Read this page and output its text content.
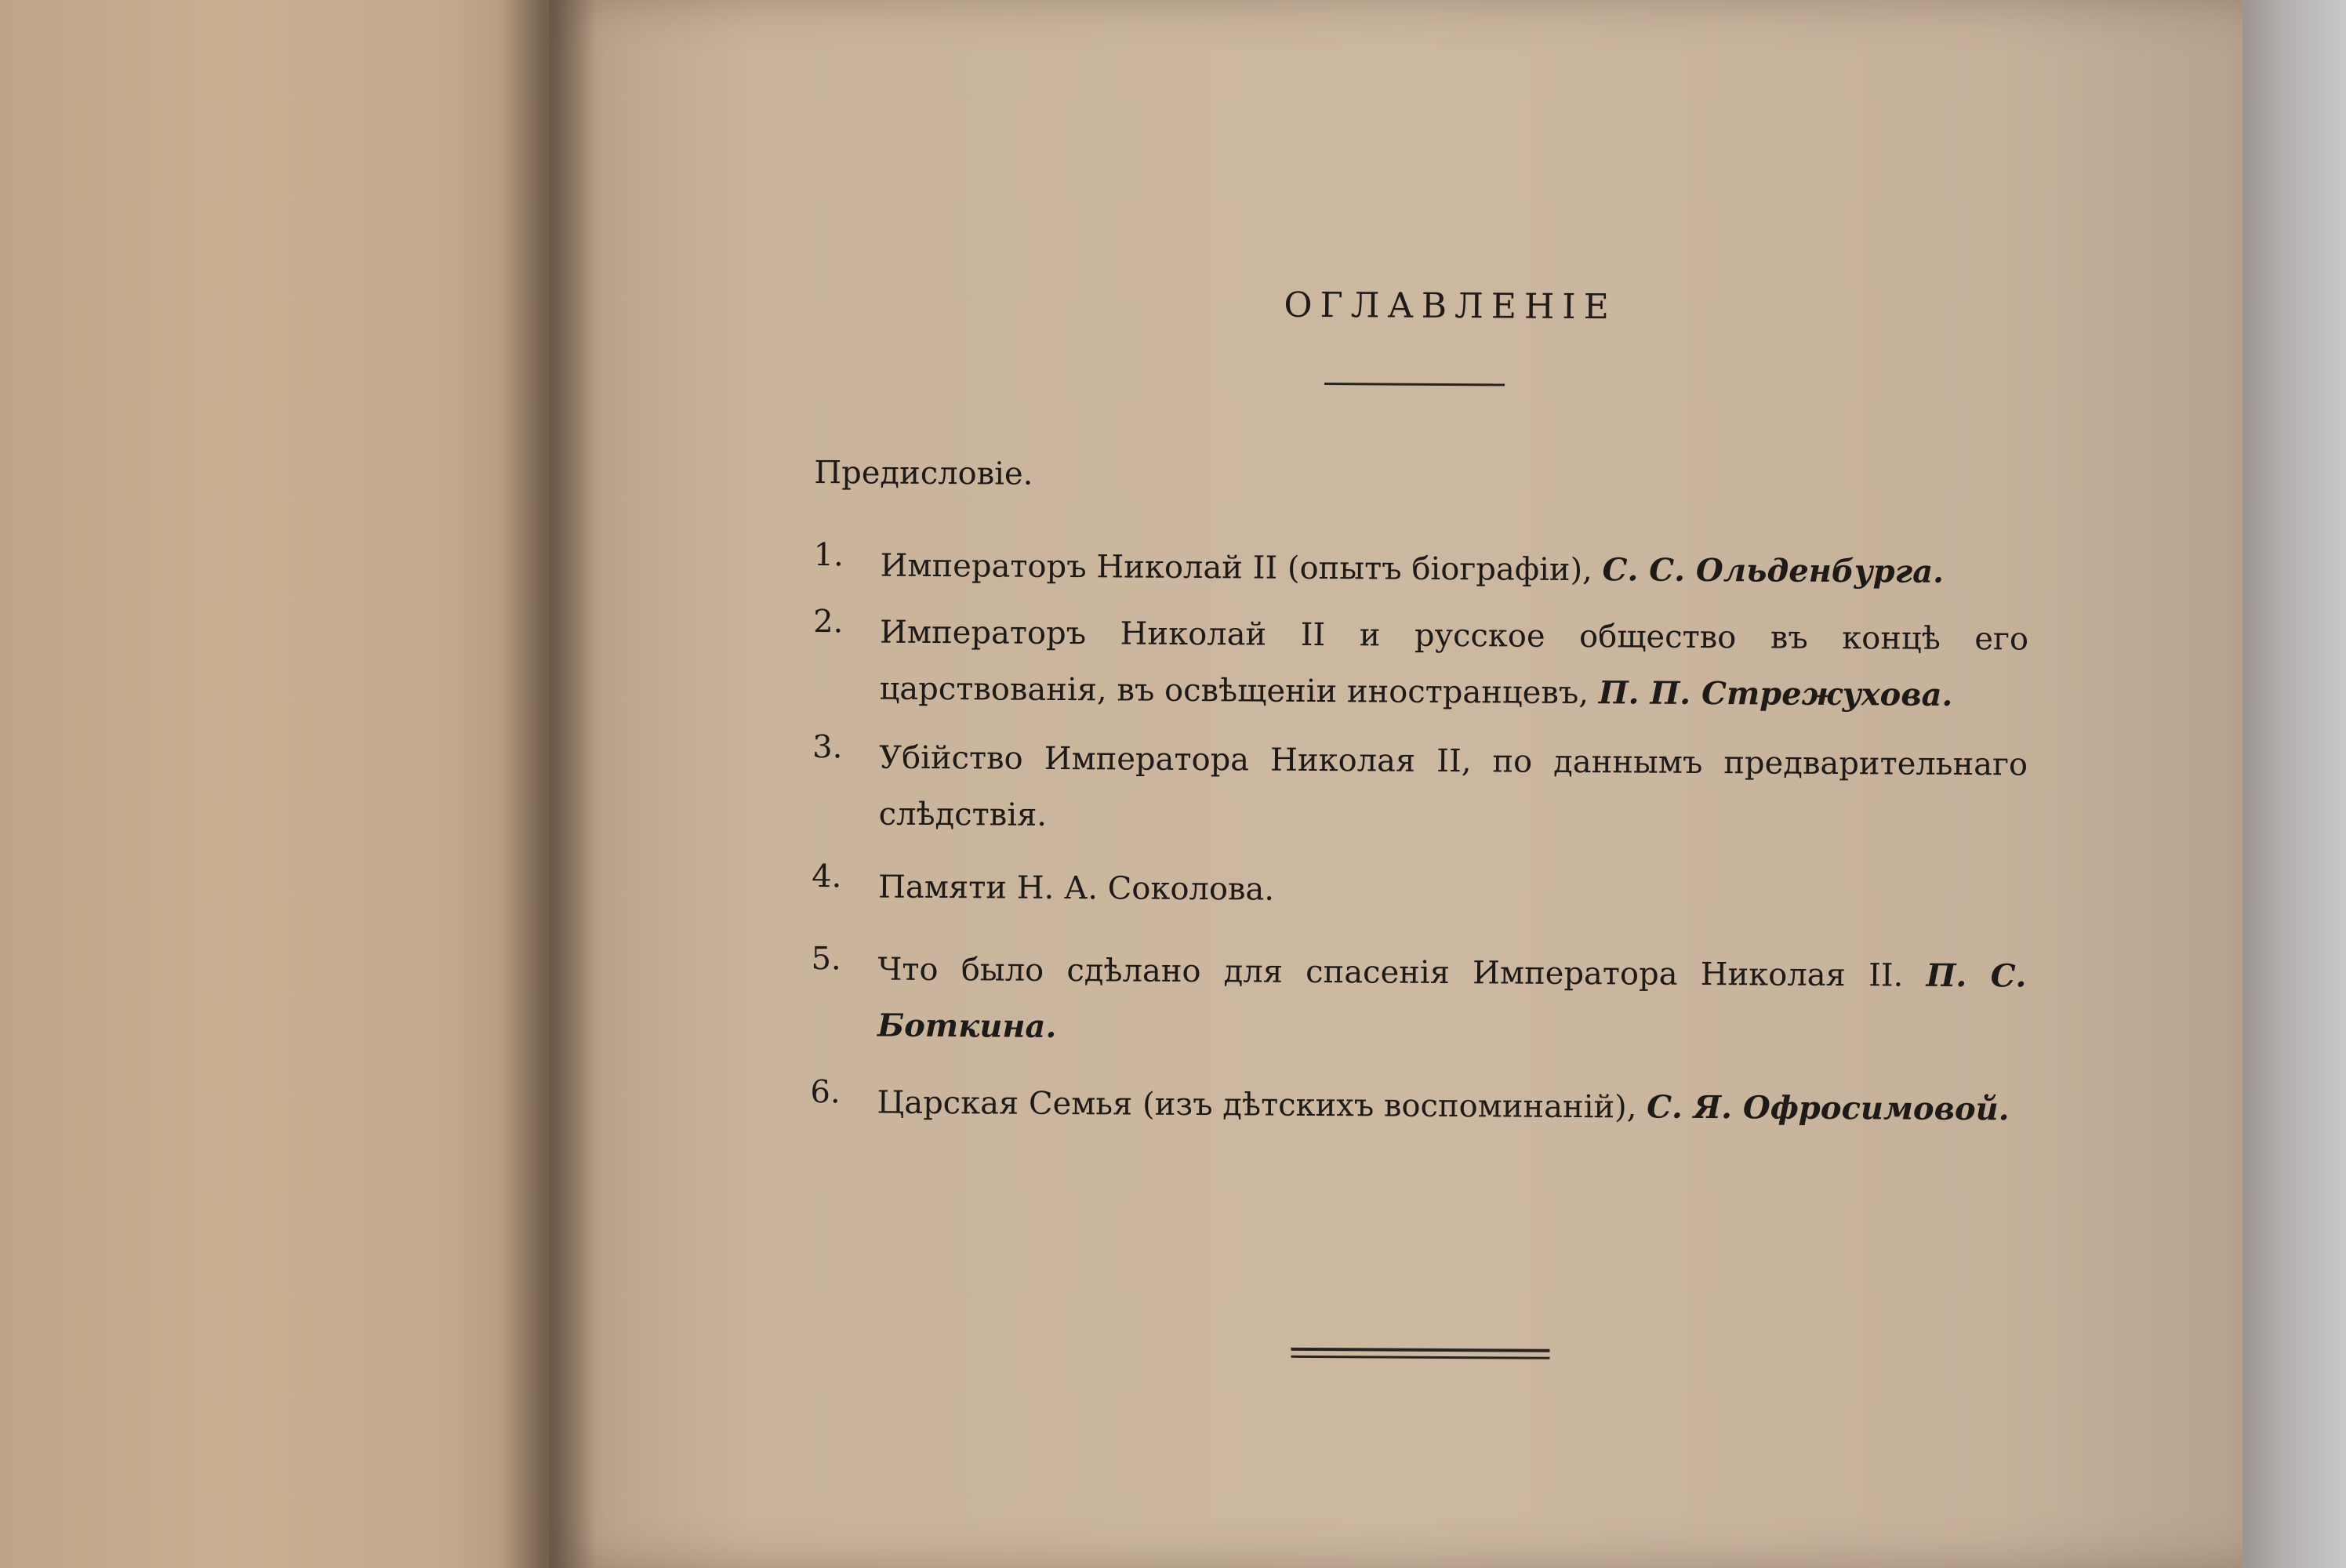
ОГЛАВЛЕНІЕ
Предисловіе.
1. Императоръ Николай II (опытъ біографіи), С. С. Ольденбурга.
2. Императоръ Николай II и русское общество въ концѣ его царствованія, въ освѣщеніи иностранцевъ, П. П. Стрежухова.
3. Убійство Императора Николая II, по даннымъ предварительнаго слѣдствія.
4. Памяти Н. А. Соколова.
5. Что было сдѣлано для спасенія Императора Николая II. П. С. Боткина.
6. Царская Семья (изъ дѣтскихъ воспоминаній), С. Я. Офросимовой.
